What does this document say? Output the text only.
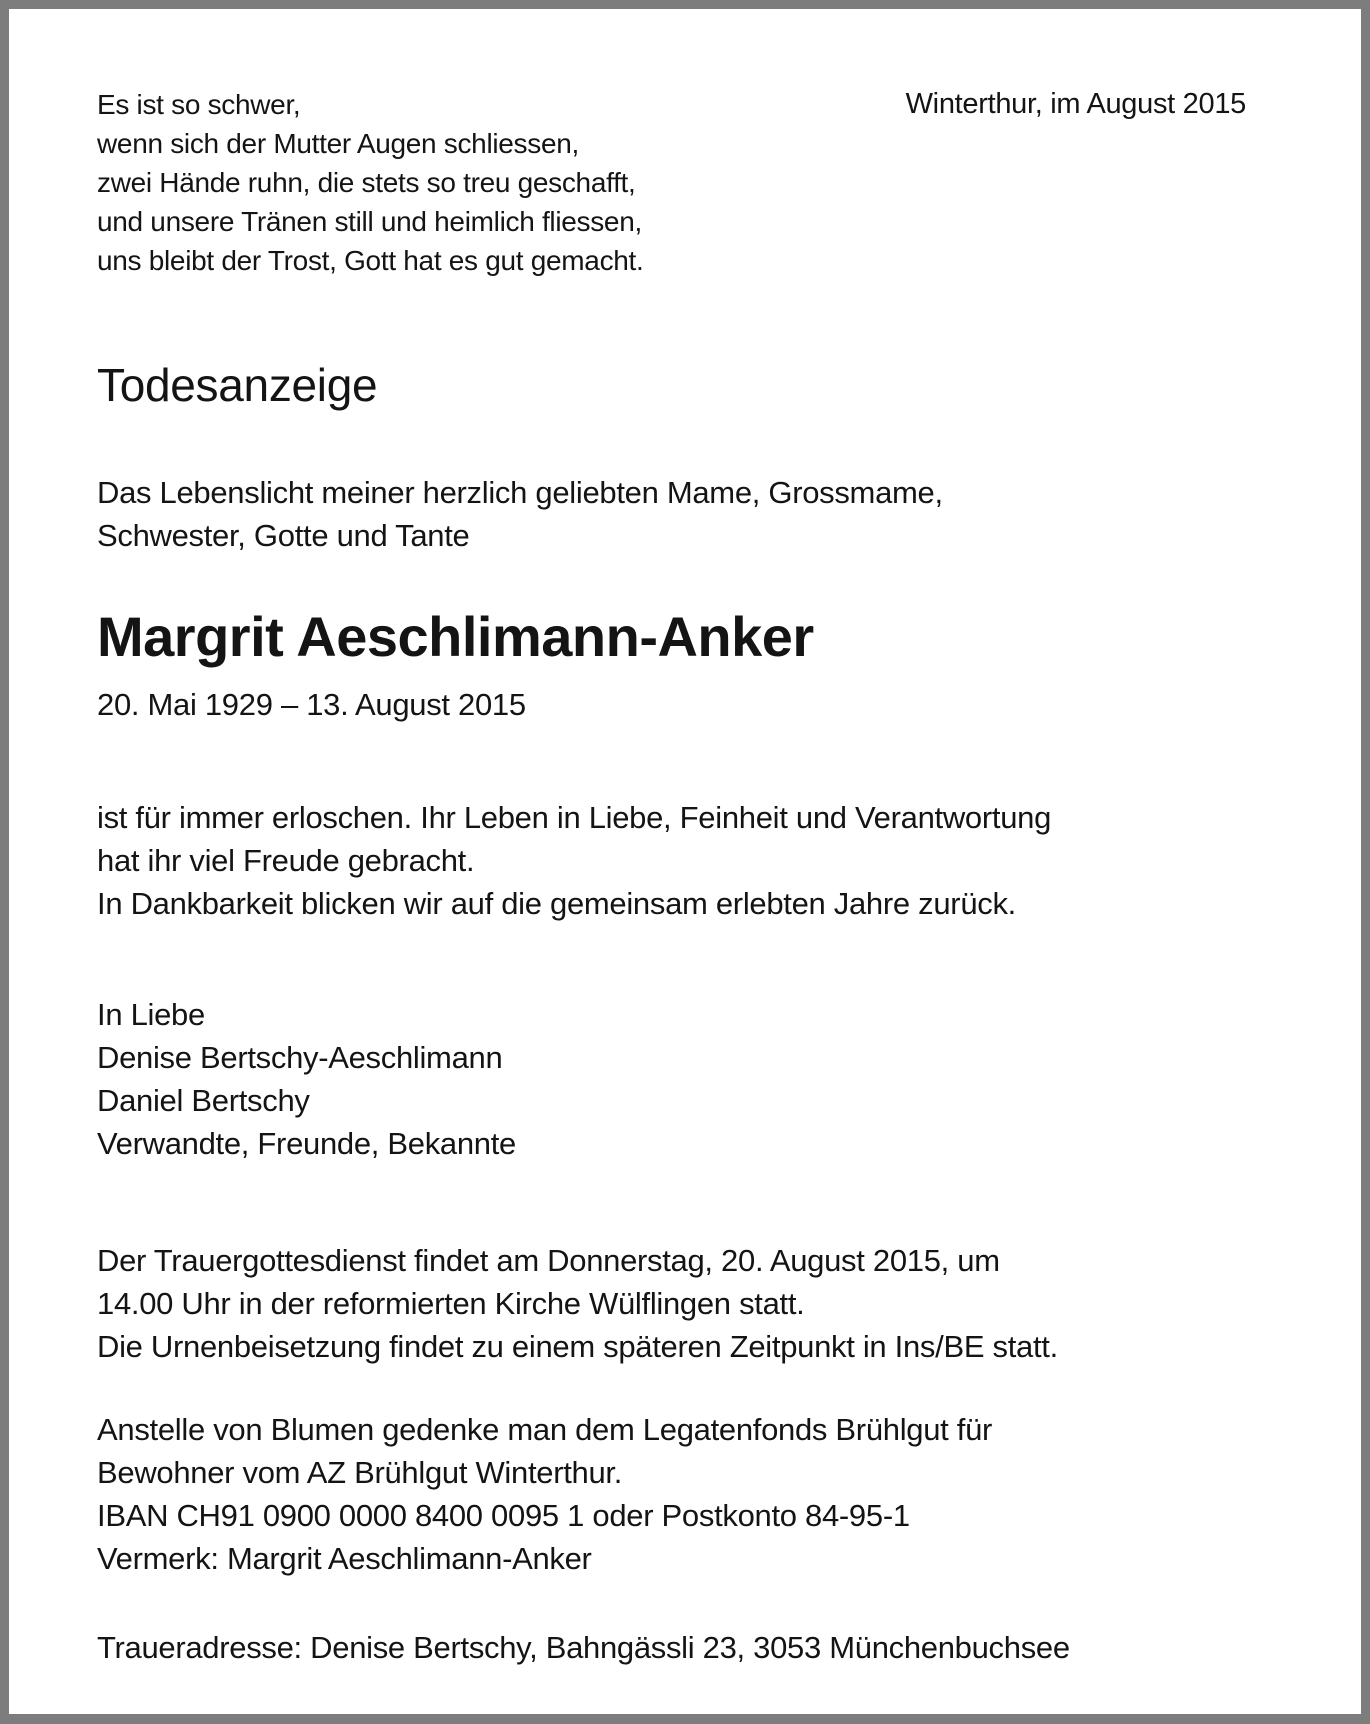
Es ist so schwer,
wenn sich der Mutter Augen schliessen,
zwei Hände ruhn, die stets so treu geschafft,
und unsere Tränen still und heimlich fliessen,
uns bleibt der Trost, Gott hat es gut gemacht.
Winterthur, im August 2015
Todesanzeige
Das Lebenslicht meiner herzlich geliebten Mame, Grossmame,
Schwester, Gotte und Tante
Margrit Aeschlimann-Anker
20. Mai 1929 – 13. August 2015
ist für immer erloschen. Ihr Leben in Liebe, Feinheit und Verantwortung
hat ihr viel Freude gebracht.
In Dankbarkeit blicken wir auf die gemeinsam erlebten Jahre zurück.
In Liebe
Denise Bertschy-Aeschlimann
Daniel Bertschy
Verwandte, Freunde, Bekannte
Der Trauergottesdienst findet am Donnerstag, 20. August 2015, um
14.00 Uhr in der reformierten Kirche Wülflingen statt.
Die Urnenbeisetzung findet zu einem späteren Zeitpunkt in Ins/BE statt.
Anstelle von Blumen gedenke man dem Legatenfonds Brühlgut für
Bewohner vom AZ Brühlgut Winterthur.
IBAN CH91 0900 0000 8400 0095 1 oder Postkonto 84-95-1
Vermerk: Margrit Aeschlimann-Anker
Traueradresse: Denise Bertschy, Bahngässli 23, 3053 Münchenbuchsee
